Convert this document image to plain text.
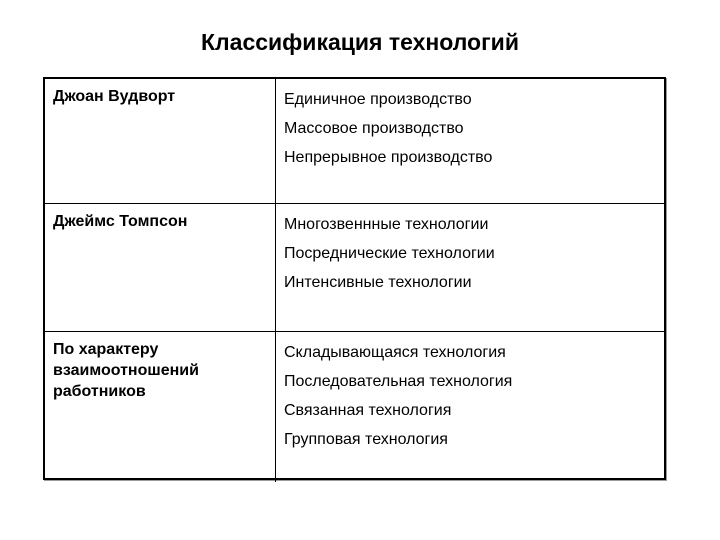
Классификация технологий
Джоан Вудворт	Единичное производство
Массовое производство
Непрерывное производство

Джеймс Томпсон	Многозвеннные технологии
Посреднические технологии
Интенсивные технологии

По характеру взаимоотношений работников	Складывающаяся технология
Последовательная технология
Связанная технология
Групповая технология
